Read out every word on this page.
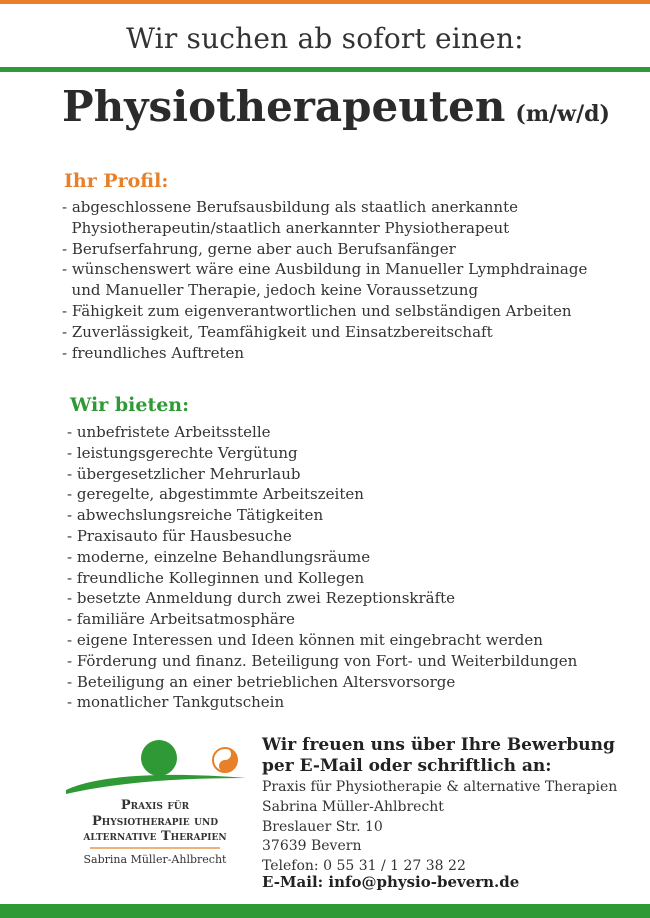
Wir suchen ab sofort einen:
Physiotherapeuten (m/w/d)
Ihr Profil:
- abgeschlossene Berufsausbildung als staatlich anerkannte
Physiotherapeutin/staatlich anerkannter Physiotherapeut
- Berufserfahrung, gerne aber auch Berufsanfänger
- wünschenswert wäre eine Ausbildung in Manueller Lymphdrainage
und Manueller Therapie, jedoch keine Voraussetzung
- Fähigkeit zum eigenverantwortlichen und selbständigen Arbeiten
- Zuverlässigkeit, Teamfähigkeit und Einsatzbereitschaft
- freundliches Auftreten
Wir bieten:
- unbefristete Arbeitsstelle
- leistungsgerechte Vergütung
- übergesetzlicher Mehrurlaub
- geregelte, abgestimmte Arbeitszeiten
- abwechslungsreiche Tätigkeiten
- Praxisauto für Hausbesuche
- moderne, einzelne Behandlungsräume
- freundliche Kolleginnen und Kollegen
- besetzte Anmeldung durch zwei Rezeptionskräfte
- familiäre Arbeitsatmosphäre
- eigene Interessen und Ideen können mit eingebracht werden
- Förderung und finanz. Beteiligung von Fort- und Weiterbildungen
- Beteiligung an einer betrieblichen Altersvorsorge
- monatlicher Tankgutschein
Praxis für
Physiotherapie und
alternative Therapien
Sabrina Müller-Ahlbrecht
Wir freuen uns über Ihre Bewerbung
per E-Mail oder schriftlich an:
Praxis für Physiotherapie & alternative Therapien
Sabrina Müller-Ahlbrecht
Breslauer Str. 10
37639 Bevern
Telefon: 0 55 31 / 1 27 38 22
E-Mail: info@physio-bevern.de
